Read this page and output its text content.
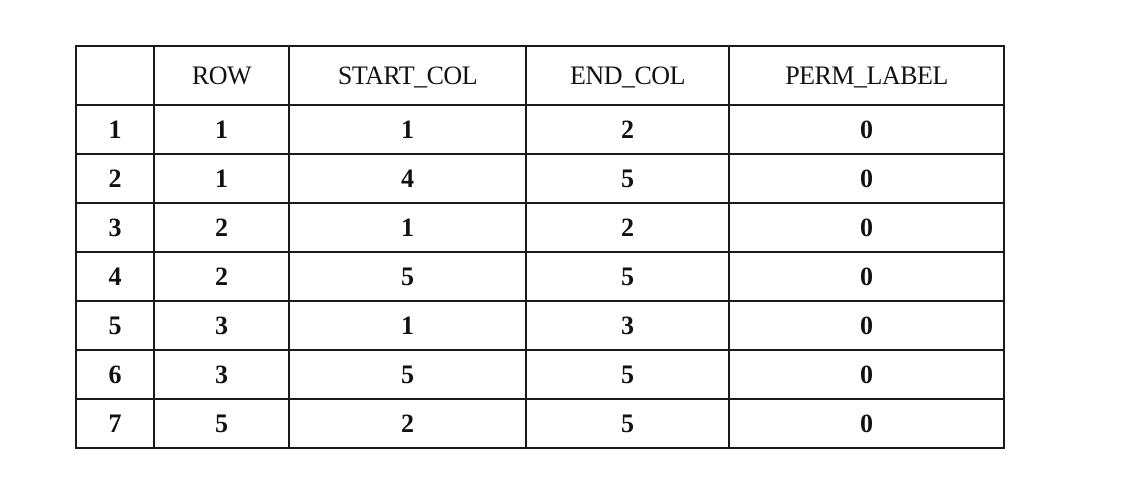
	ROW	START_COL	END_COL	PERM_LABEL
1	1	1	2	0
2	1	4	5	0
3	2	1	2	0
4	2	5	5	0
5	3	1	3	0
6	3	5	5	0
7	5	2	5	0
